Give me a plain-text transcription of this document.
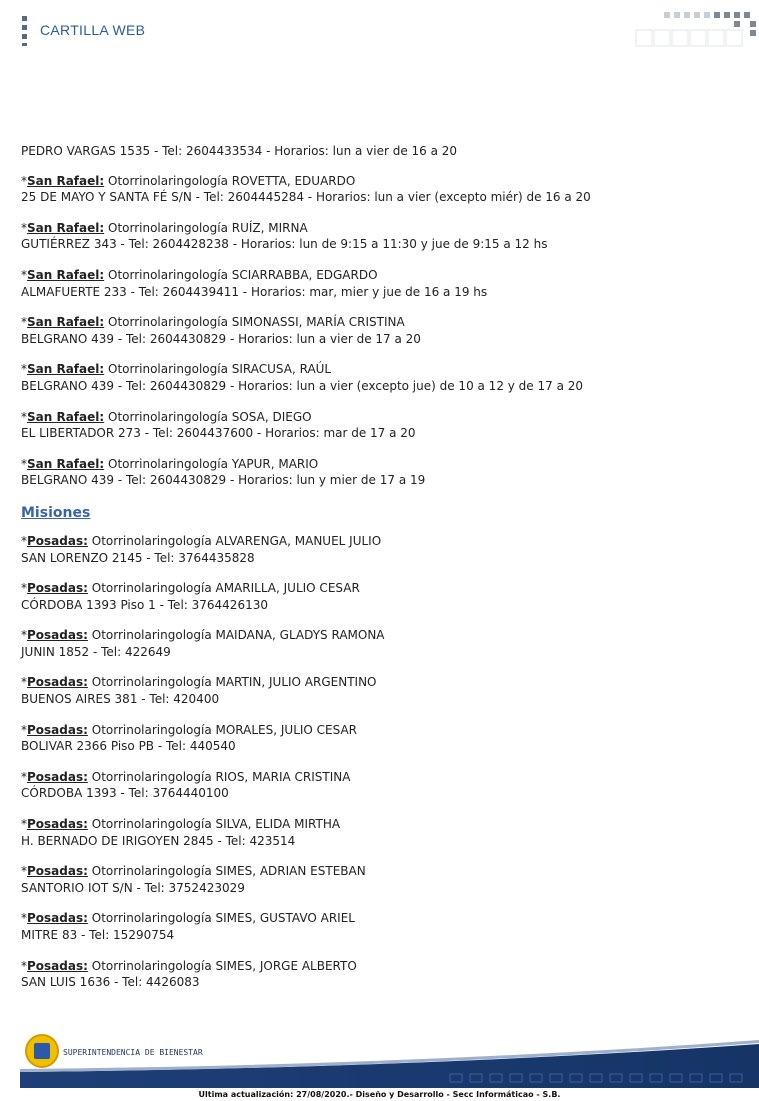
CARTILLA WEB
PEDRO VARGAS 1535 - Tel: 2604433534 - Horarios: lun a vier de 16 a 20
*San Rafael: Otorrinolaringología ROVETTA, EDUARDO
25 DE MAYO Y SANTA FÉ S/N - Tel: 2604445284 - Horarios: lun a vier (excepto miér) de 16 a 20
*San Rafael: Otorrinolaringología RUÍZ, MIRNA
GUTIÉRREZ 343 - Tel: 2604428238 - Horarios: lun de 9:15 a 11:30 y jue de 9:15 a 12 hs
*San Rafael: Otorrinolaringología SCIARRABBA, EDGARDO
ALMAFUERTE 233 - Tel: 2604439411 - Horarios: mar, mier y jue de 16 a 19 hs
*San Rafael: Otorrinolaringología SIMONASSI, MARÍA CRISTINA
BELGRANO 439 - Tel: 2604430829 - Horarios: lun a vier de 17 a 20
*San Rafael: Otorrinolaringología SIRACUSA, RAÚL
BELGRANO 439 - Tel: 2604430829 - Horarios: lun a vier (excepto jue) de 10 a 12 y de 17 a 20
*San Rafael: Otorrinolaringología SOSA, DIEGO
EL LIBERTADOR 273 - Tel: 2604437600 - Horarios: mar de 17 a 20
*San Rafael: Otorrinolaringología YAPUR, MARIO
BELGRANO 439 - Tel: 2604430829 - Horarios: lun y mier de 17 a 19
Misiones
*Posadas: Otorrinolaringología ALVARENGA, MANUEL JULIO
SAN LORENZO 2145 - Tel: 3764435828
*Posadas: Otorrinolaringología AMARILLA, JULIO CESAR
CÓRDOBA 1393 Piso 1 - Tel: 3764426130
*Posadas: Otorrinolaringología MAIDANA, GLADYS RAMONA
JUNIN 1852 - Tel: 422649
*Posadas: Otorrinolaringología MARTIN, JULIO ARGENTINO
BUENOS AIRES 381 - Tel: 420400
*Posadas: Otorrinolaringología MORALES, JULIO CESAR
BOLIVAR 2366 Piso PB - Tel: 440540
*Posadas: Otorrinolaringología RIOS, MARIA CRISTINA
CÓRDOBA 1393 - Tel: 3764440100
*Posadas: Otorrinolaringología SILVA, ELIDA MIRTHA
H. BERNADO DE IRIGOYEN 2845 - Tel: 423514
*Posadas: Otorrinolaringología SIMES, ADRIAN ESTEBAN
SANTORIO IOT S/N - Tel: 3752423029
*Posadas: Otorrinolaringología SIMES, GUSTAVO ARIEL
MITRE 83 - Tel: 15290754
*Posadas: Otorrinolaringología SIMES, JORGE ALBERTO
SAN LUIS 1636 - Tel: 4426083
SUPERINTENDENCIA DE BIENESTAR
Ultima actualización: 27/08/2020.- Diseño y Desarrollo - Secc Informáticao - S.B.
